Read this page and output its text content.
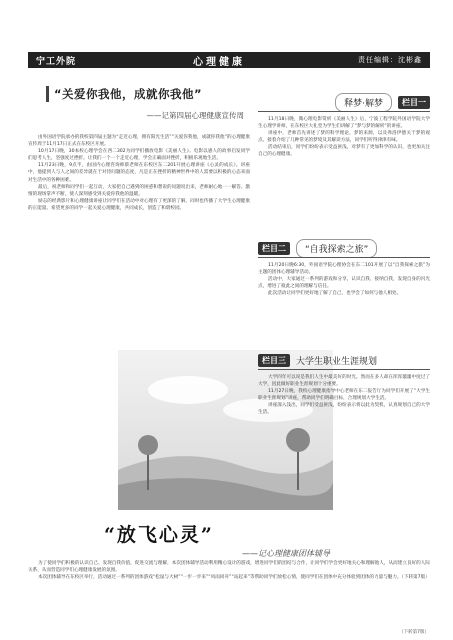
宁工外院	心理健康	责任编辑：沈彬鑫
“关爱你我他，成就你我他”
——记第四届心理健康宣传周

由外国语学院承办的我校第四届主题为“走近心理，拥有阳光生活”“关爱你我他，成就你我他”的心理健康宣传周于11月17日正式在东校区开展。

10月17日晚，30本校心理学会在西二302为同学们播放电影《美丽人生》。电影以感人的故事启发同学们思考人生，坚强度过挫折。让我们一个一个走近心理，学会正确面对挫折，积极乐观地生活。

11月23日晚，9点半，由国内心理咨询师蔡老师在东校区东二201开展心理讲座《心灵的成长》。讲座中，他提到人与人之间的差异就在于对待问题的态度，凡是正在挫折的精神世界中的人需要以积极的心态来面对生活中的各种困难。

最后，祝老师和同学们一起互动，大家把自己遇到的困惑和想说的问题说出来，老师耐心地一一解答。激情的现场掌声不断，使人深刻感受到关爱你我他的温暖。

励志的经典影片和心理健康讲座让同学们在活动中对心理有了更深的了解，同时也传播了大学生心理健康的正能量。希望更多的同学一起关爱心理健康，共同成长，创造了和谐校园。

“放飞心灵”
——记心理健康团体辅导

为了使同学们积极的认识自己、发现自我价值，促进交流与理解，本次团体辅导活动利用精心设计的游戏，增进同学们的团结与合作，让同学们学会更好地关心和理解他人，从而建立良好的人际关系，从而营造同学们心理健康发展的氛围。

本次团体辅导在东校区举行，活动通过一系列的团体游戏“松鼠与大树”“一步一步来”“风雨同舟”“站起来”等帮助同学们放松心情，使同学们在团体中充分体验到团体的力量与魅力。（下转第7版）

释梦·解梦	栏目一

11月18日晚，微心理电影赏析《美丽人生》后，宁波工程学院外国语学院大学生心理学讲师，在东校区大礼堂为学生们讲解了“梦与梦的解析”的讲座。

讲座中，老师首先讲述了梦的科学理论，梦的来源，以及弗洛伊德关于梦的观点。接着介绍了几种常见的梦境及其解读方法，同学们听得津津有味。

活动结束后，同学们纷纷表示受益匪浅，对梦有了更加科学的认识，也更加关注自己的心理健康。

栏目二	“自我探索之旅”

11月20日晚6:30，外国语学院心理协会在东二101开展了以“自我探索之旅”为主题的团体心理辅导活动。

活动中，大家通过一系列的游戏和分享，认识自我、接纳自我，发现自身的闪光点，增进了彼此之间的理解与信任。

此次活动让同学们更好地了解了自己，也学会了如何与他人相处。

栏目三	大学生职业生涯规划

大学四年可以说是我们人生中最美好的时光。然而在多人却在浑浑噩噩中度过了大学，因此做好职业生涯规划十分重要。

11月27日晚，我校心理健康指导中心老师在东二报告厅为同学们开展了“大学生职业生涯规划”讲座，帮助同学们明确目标，合理规划大学生活。

讲座深入浅出，同学们受益匪浅，纷纷表示将以此为契机，认真规划自己的大学生活。

（下转第7版）
